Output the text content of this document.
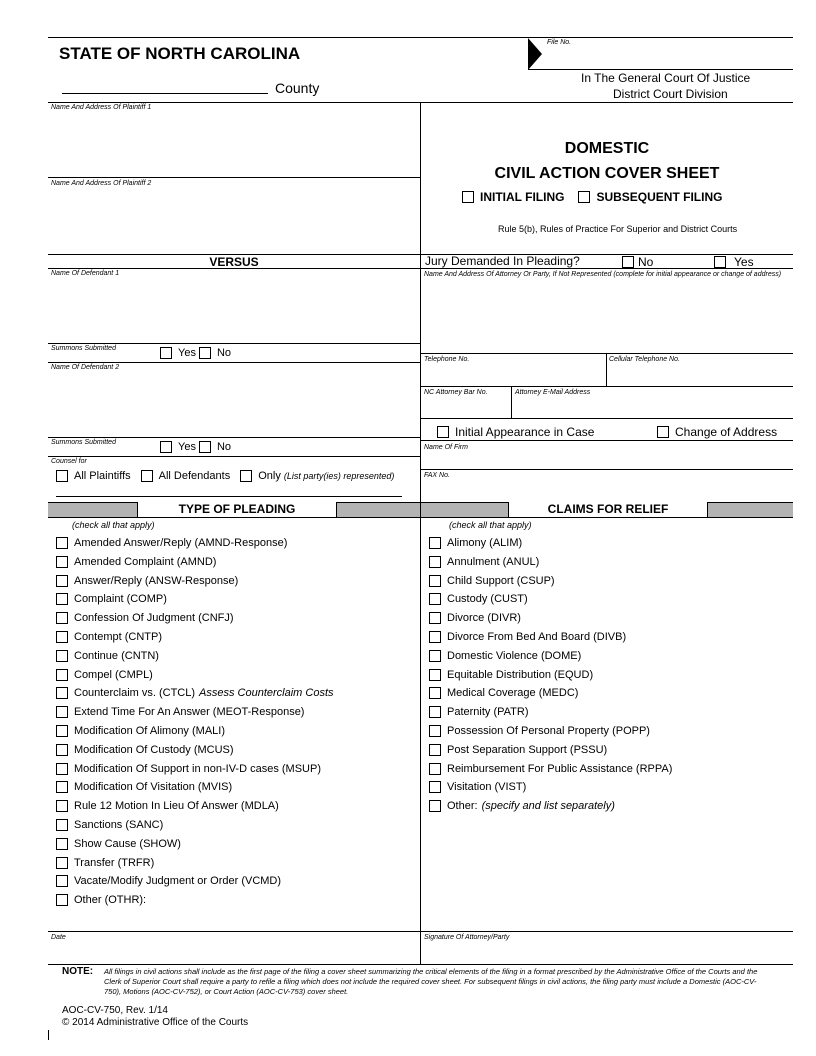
STATE OF NORTH CAROLINA
County
File No.
In The General Court Of Justice
District Court Division
Name And Address Of Plaintiff 1
Name And Address Of Plaintiff 2
VERSUS
Name Of Defendant 1
Summons Submitted	Yes No
Name Of Defendant 2
Summons Submitted	Yes No
Counsel for
All Plaintiffs	All Defendants	Only (List party(ies) represented)
DOMESTIC
CIVIL ACTION COVER SHEET
INITIAL FILING	SUBSEQUENT FILING
Rule 5(b), Rules of Practice For Superior and District Courts
Jury Demanded In Pleading?	No	Yes
Name And Address Of Attorney Or Party, If Not Represented (complete for initial appearance or change of address)
Telephone No.	Cellular Telephone No.
NC Attorney Bar No.	Attorney E-Mail Address
Initial Appearance in Case	Change of Address
Name Of Firm
FAX No.
TYPE OF PLEADING	CLAIMS FOR RELIEF
(check all that apply)	(check all that apply)
Amended Answer/Reply (AMND-Response)
Amended Complaint (AMND)
Answer/Reply (ANSW-Response)
Complaint (COMP)
Confession Of Judgment (CNFJ)
Contempt (CNTP)
Continue (CNTN)
Compel (CMPL)
Counterclaim vs. (CTCL) Assess Counterclaim Costs
Extend Time For An Answer (MEOT-Response)
Modification Of Alimony (MALI)
Modification Of Custody (MCUS)
Modification Of Support in non-IV-D cases (MSUP)
Modification Of Visitation (MVIS)
Rule 12 Motion In Lieu Of Answer (MDLA)
Sanctions (SANC)
Show Cause (SHOW)
Transfer (TRFR)
Vacate/Modify Judgment or Order (VCMD)
Other (OTHR):
Alimony (ALIM)
Annulment (ANUL)
Child Support (CSUP)
Custody (CUST)
Divorce (DIVR)
Divorce From Bed And Board (DIVB)
Domestic Violence (DOME)
Equitable Distribution (EQUD)
Medical Coverage (MEDC)
Paternity (PATR)
Possession Of Personal Property (POPP)
Post Separation Support (PSSU)
Reimbursement For Public Assistance (RPPA)
Visitation (VIST)
Other: (specify and list separately)
Date	Signature Of Attorney/Party
NOTE: All filings in civil actions shall include as the first page of the filing a cover sheet summarizing the critical elements of the filing in a format prescribed by the Administrative Office of the Courts and the Clerk of Superior Court shall require a party to refile a filing which does not include the required cover sheet. For subsequent filings in civil actions, the filing party must include a Domestic (AOC-CV-750), Motions (AOC-CV-752), or Court Action (AOC-CV-753) cover sheet.
AOC-CV-750, Rev. 1/14
© 2014 Administrative Office of the Courts
